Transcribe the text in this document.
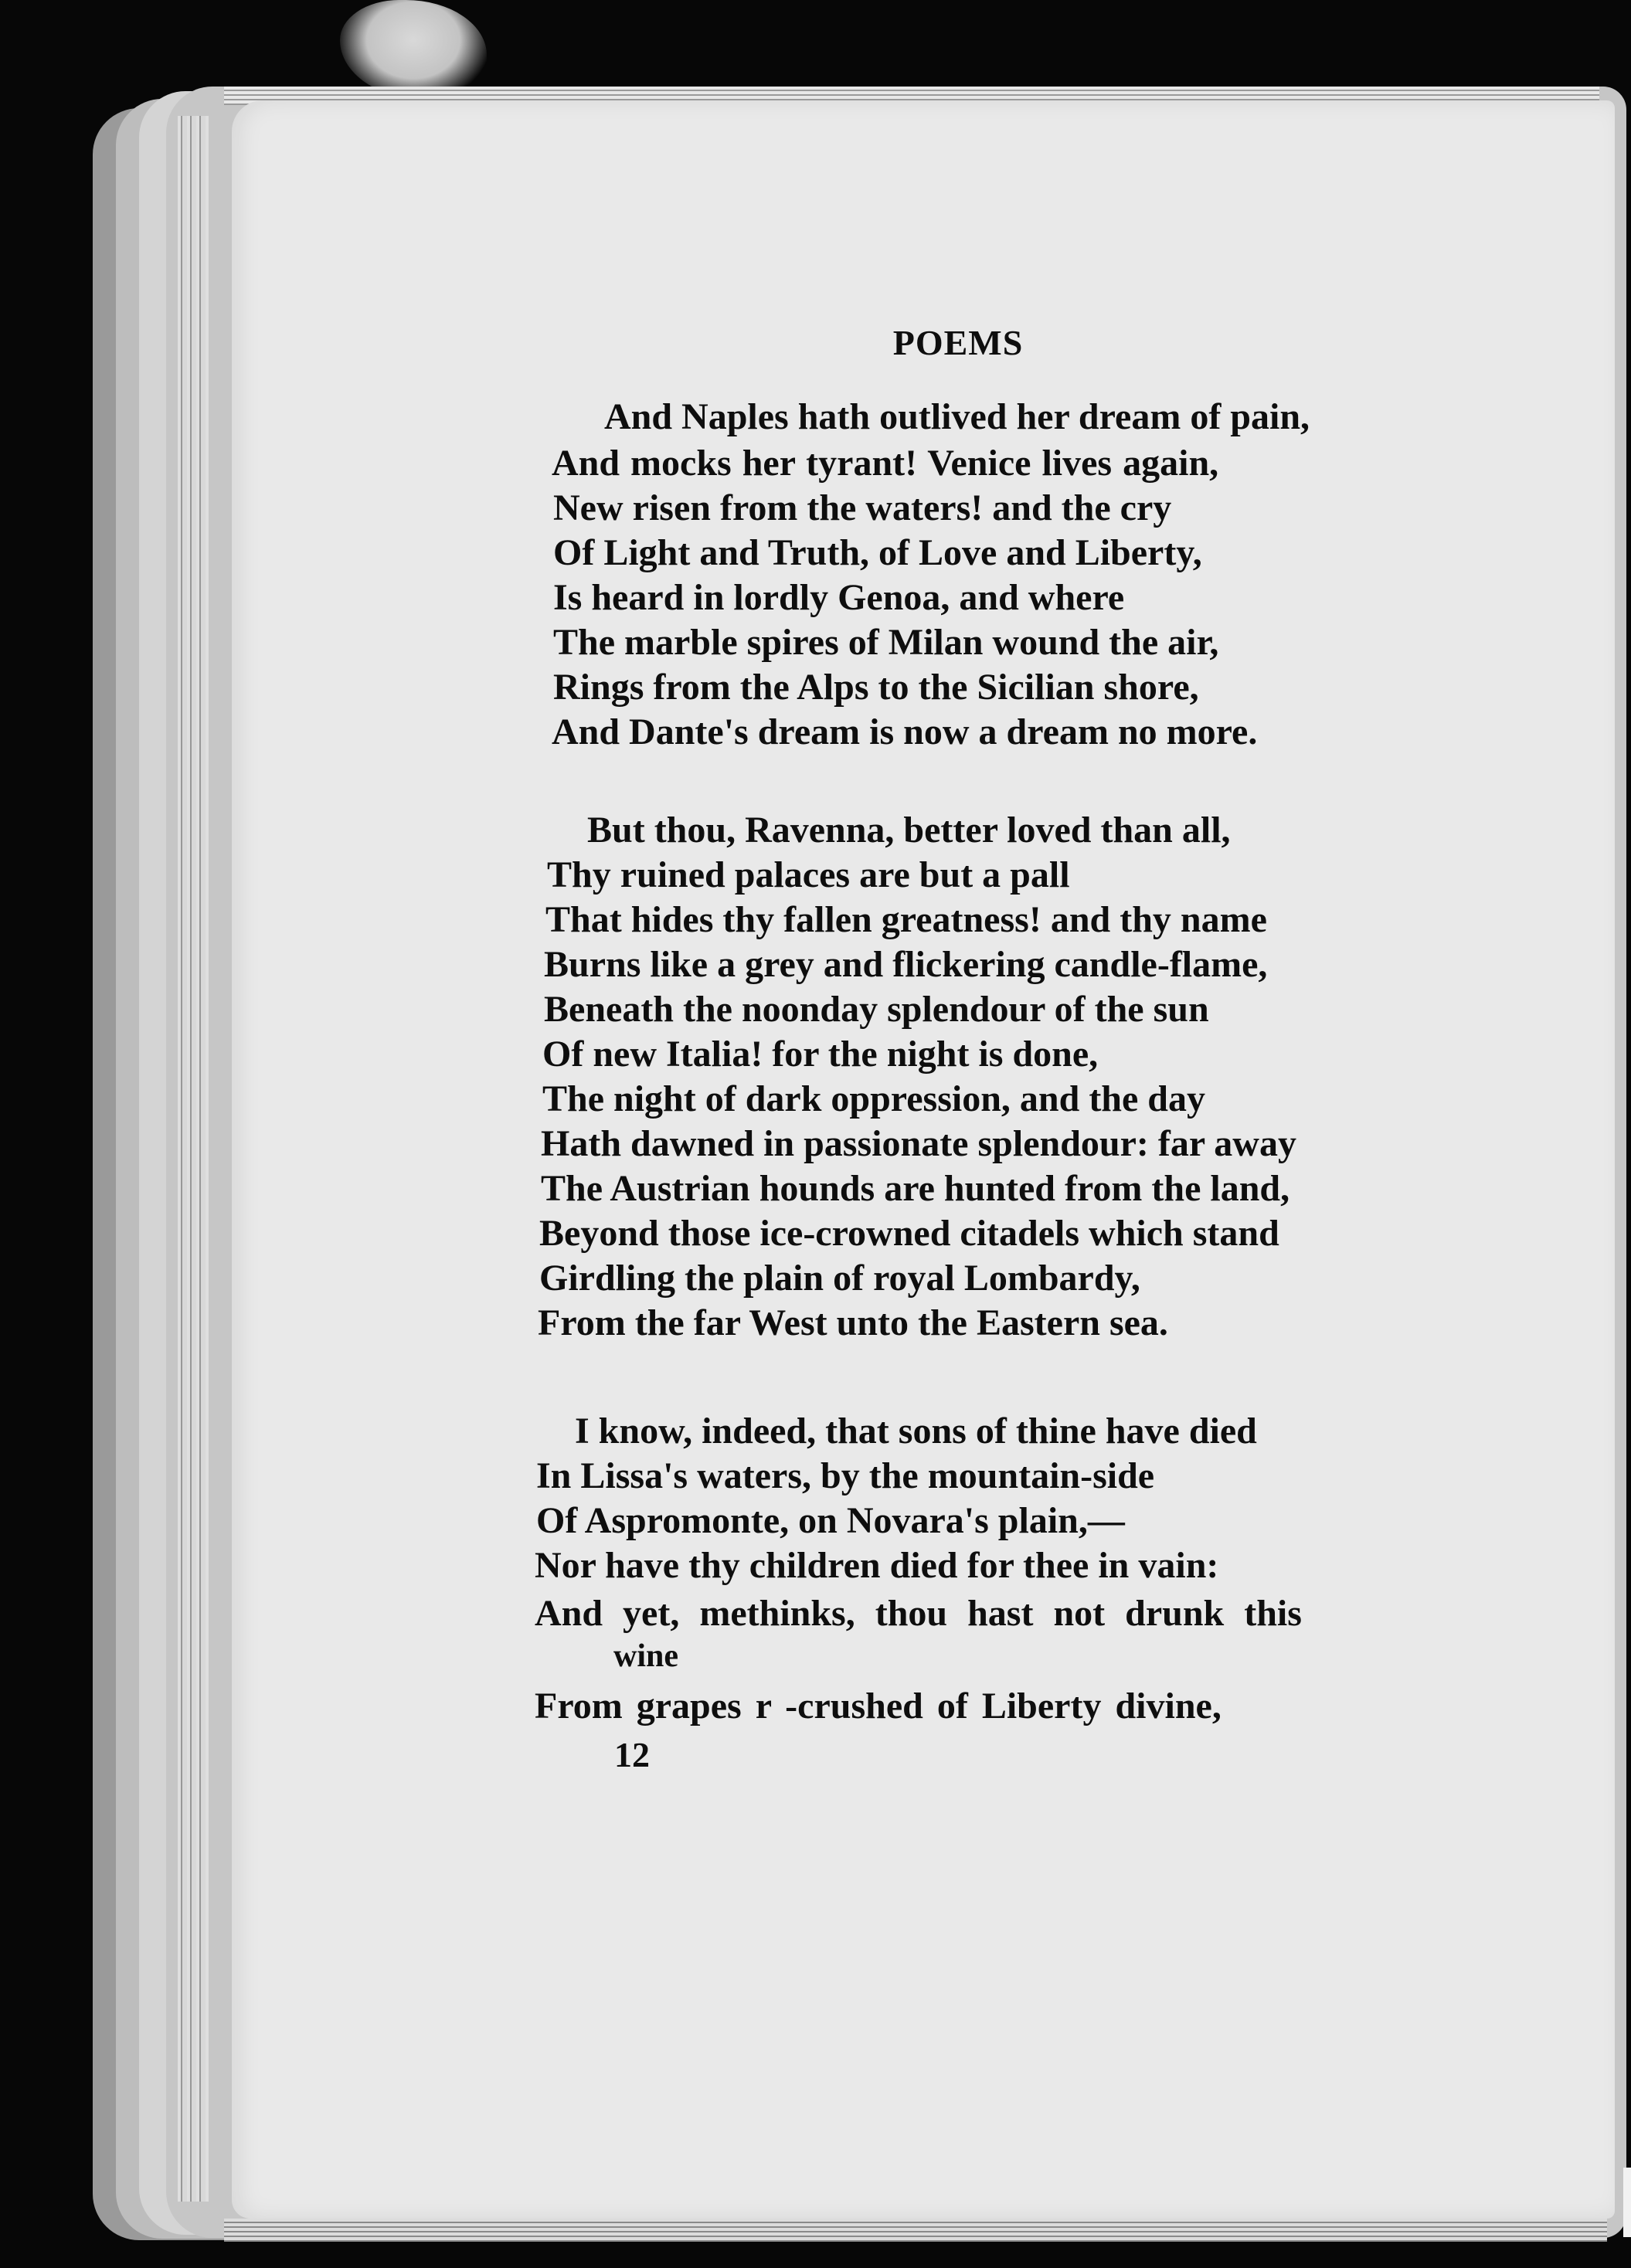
POEMS
And Naples hath outlived her dream of pain,
And mocks her tyrant! Venice lives again,
New risen from the waters! and the cry
Of Light and Truth, of Love and Liberty,
Is heard in lordly Genoa, and where
The marble spires of Milan wound the air,
Rings from the Alps to the Sicilian shore,
And Dante's dream is now a dream no more.
But thou, Ravenna, better loved than all,
Thy ruined palaces are but a pall
That hides thy fallen greatness! and thy name
Burns like a grey and flickering candle-flame,
Beneath the noonday splendour of the sun
Of new Italia! for the night is done,
The night of dark oppression, and the day
Hath dawned in passionate splendour: far away
The Austrian hounds are hunted from the land,
Beyond those ice-crowned citadels which stand
Girdling the plain of royal Lombardy,
From the far West unto the Eastern sea.
I know, indeed, that sons of thine have died
In Lissa's waters, by the mountain-side
Of Aspromonte, on Novara's plain,—
Nor have thy children died for thee in vain:
And yet, methinks, thou hast not drunk this
wine
From grapes r -crushed of Liberty divine,
12
